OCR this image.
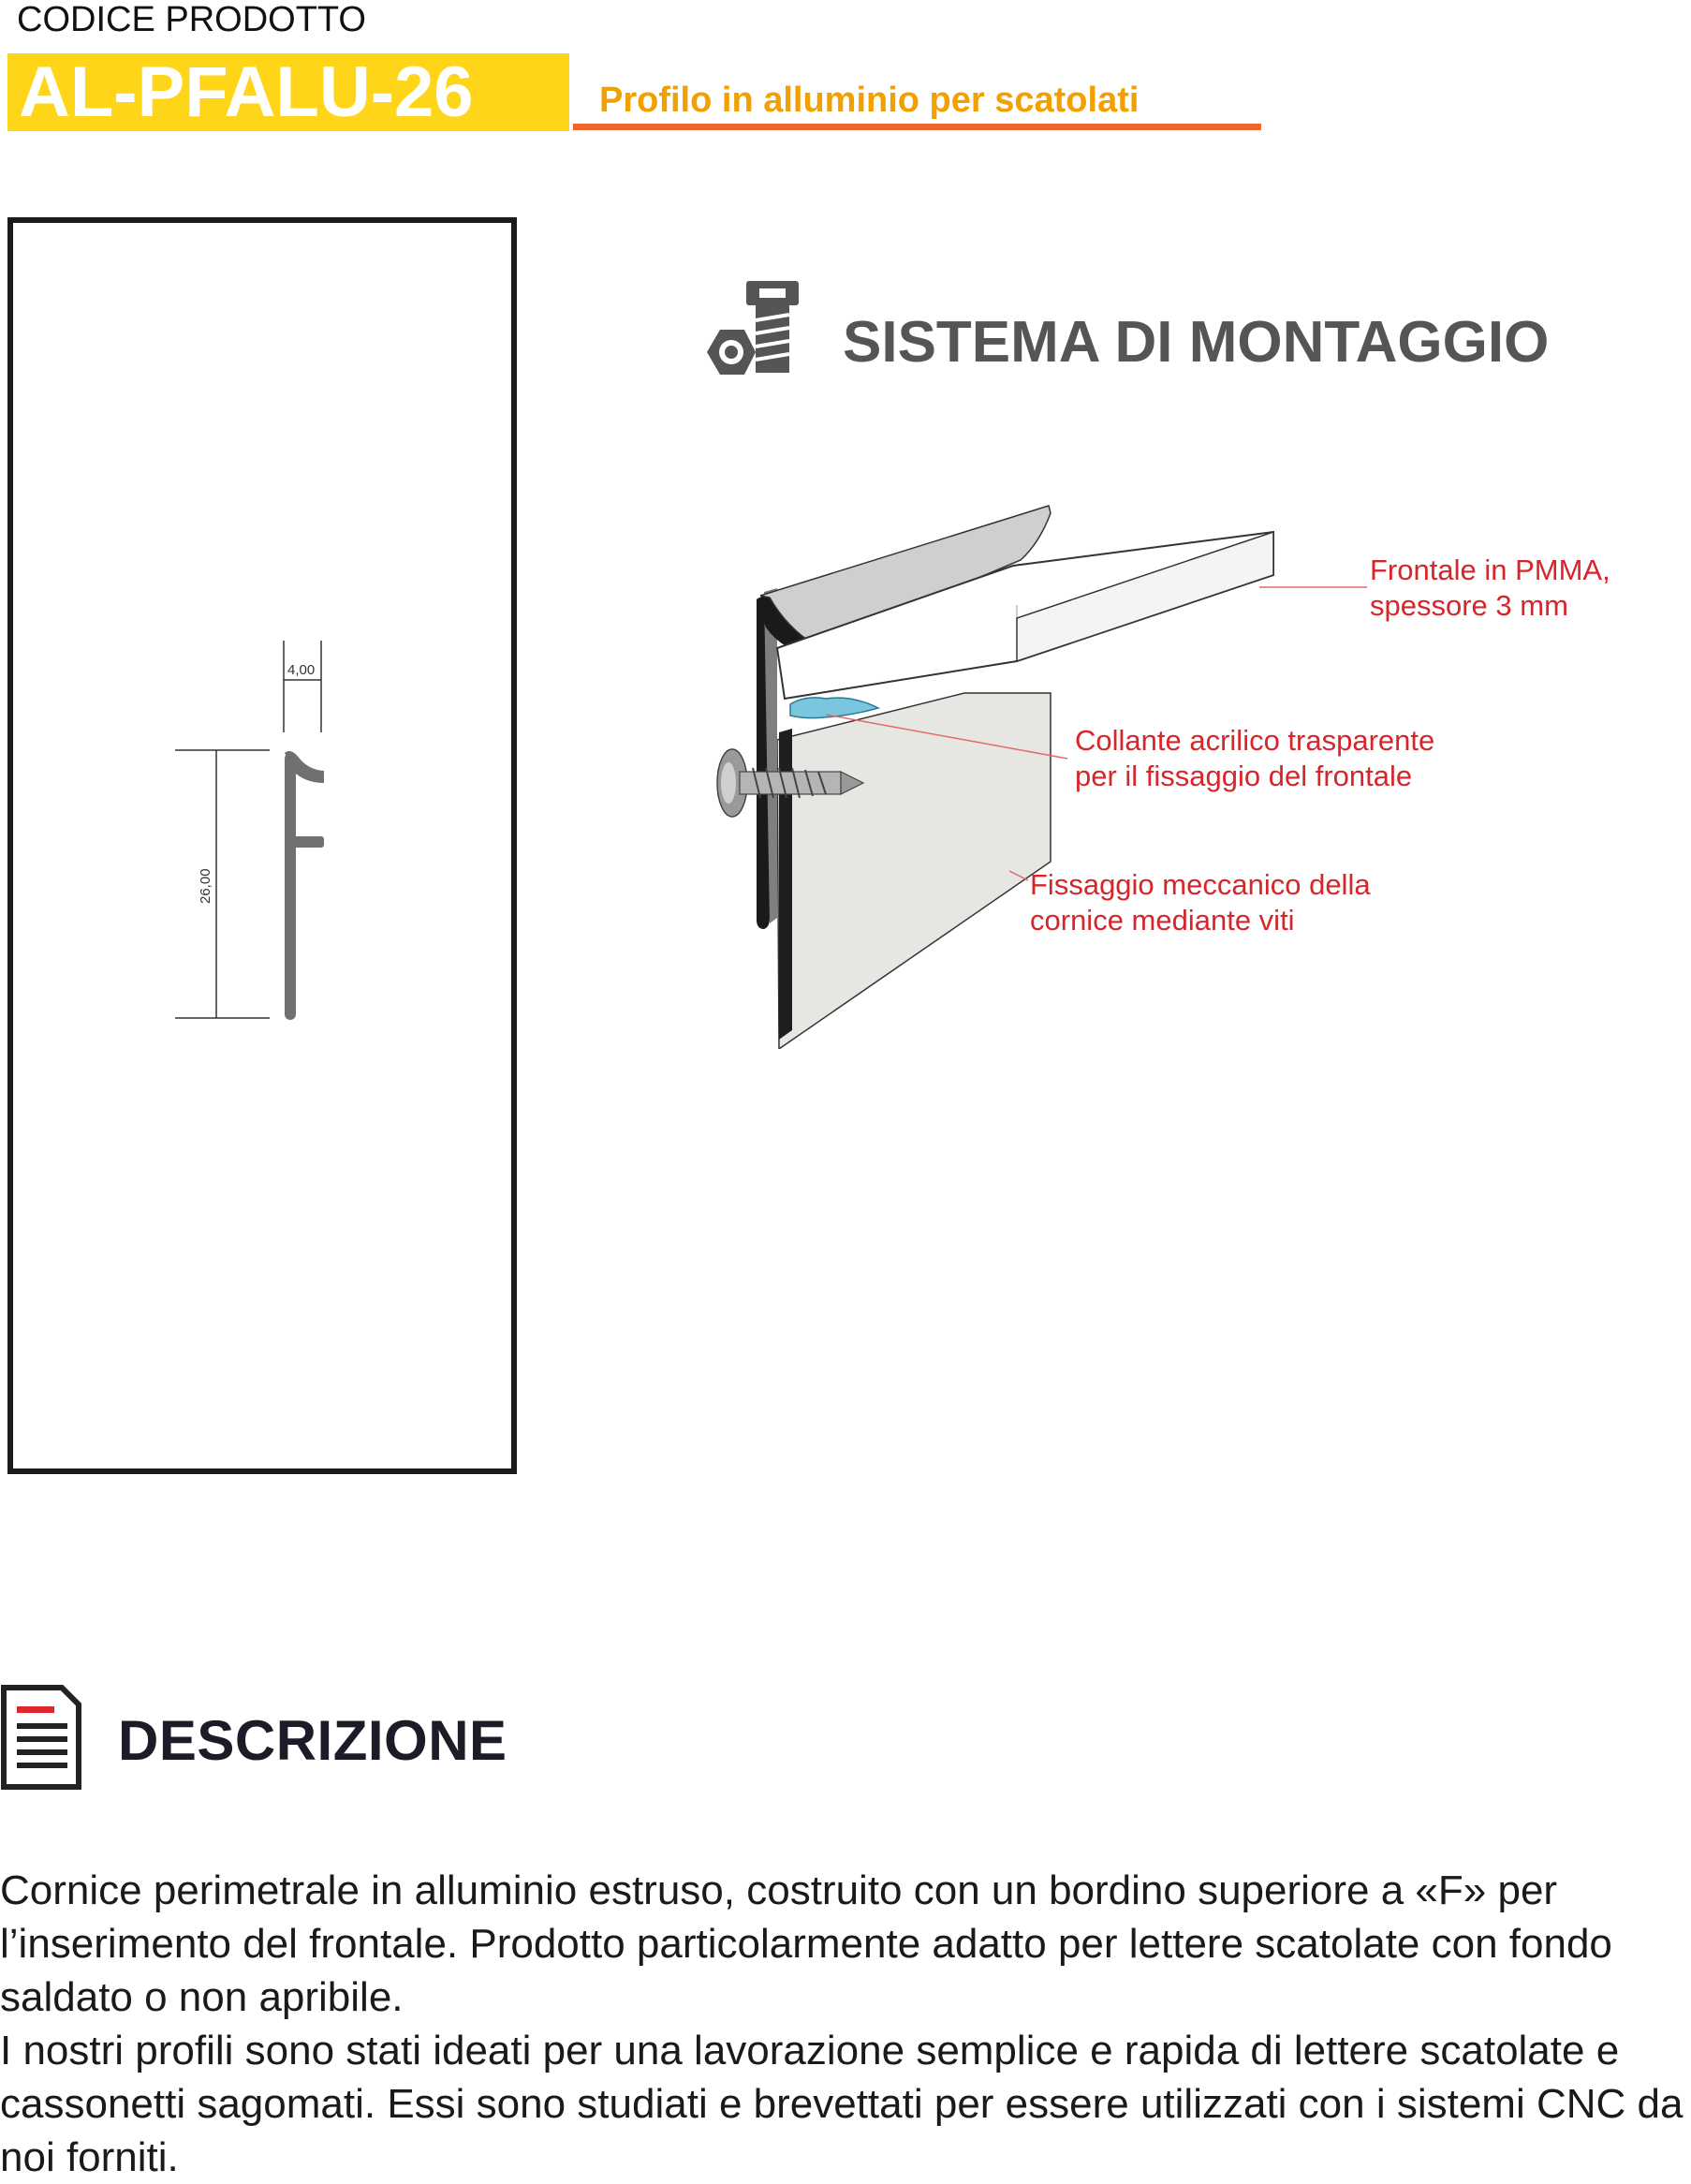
CODICE PRODOTTO
AL-PFALU-26	Profilo in alluminio per scatolati
4,00
26,00
SISTEMA DI MONTAGGIO
Frontale in PMMA,
spessore 3 mm
Collante acrilico trasparente
per il fissaggio del frontale
Fissaggio meccanico della
cornice mediante viti
DESCRIZIONE

Cornice perimetrale in alluminio estruso, costruito con un bordino superiore a «F» per l’inserimento del frontale. Prodotto particolarmente adatto per lettere scatolate con fondo saldato o non apribile.

I nostri profili sono stati ideati per una lavorazione semplice e rapida di lettere scatolate e cassonetti sagomati. Essi sono studiati e brevettati per essere utilizzati con i sistemi CNC da noi forniti.
